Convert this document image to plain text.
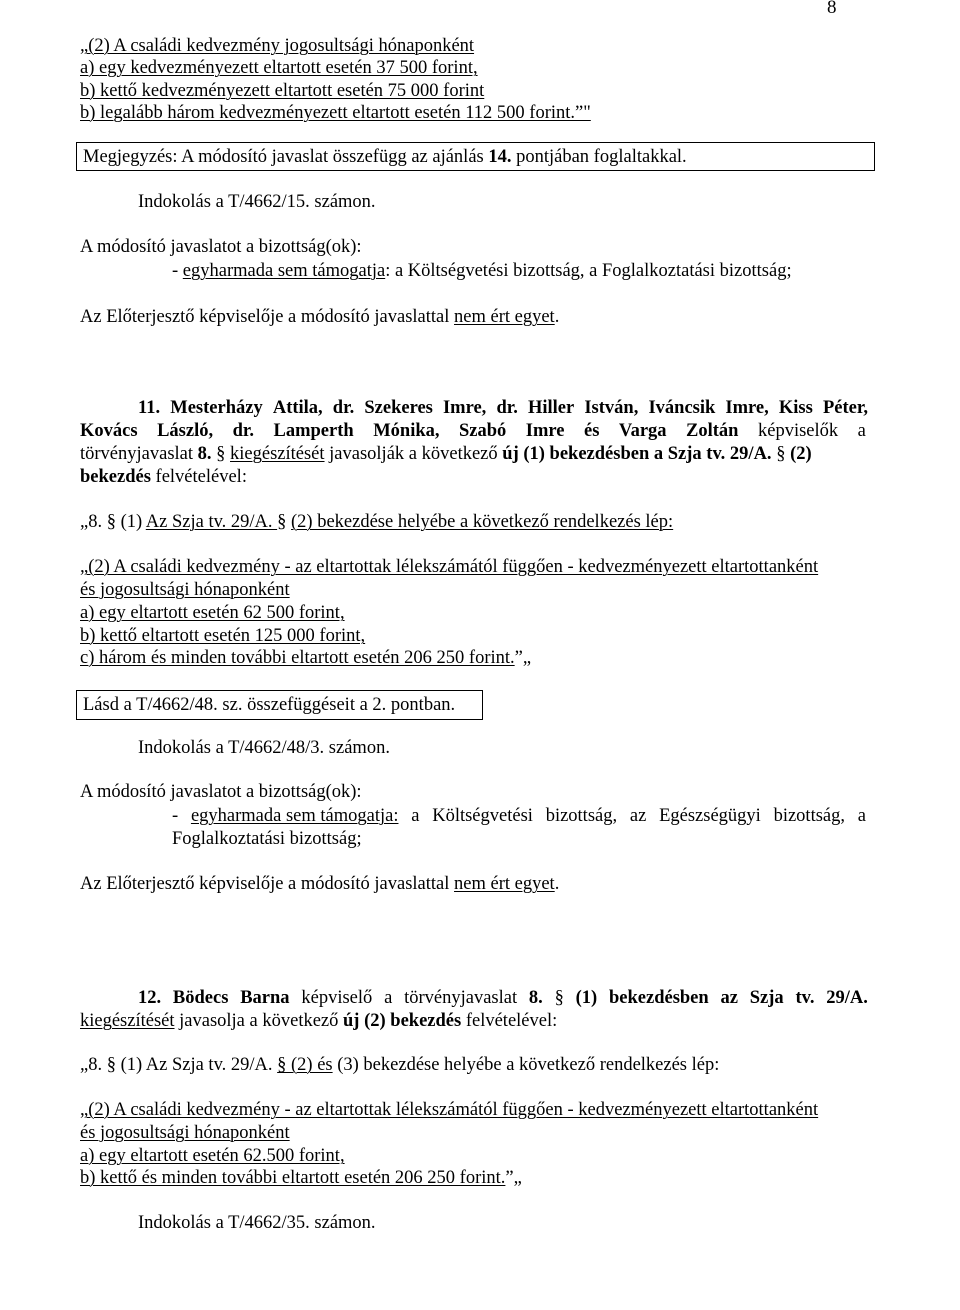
8
„(2) A családi kedvezmény jogosultsági hónaponként
a) egy kedvezményezett eltartott esetén 37 500 forint,
b) kettő kedvezményezett eltartott esetén 75 000 forint
b) legalább három kedvezményezett eltartott esetén 112 500 forint.”"
Megjegyzés: A módosító javaslat összefügg az ajánlás 14. pontjában foglaltakkal.
Indokolás a T/4662/15. számon.
A módosító javaslatot a bizottság(ok):
- egyharmada sem támogatja: a Költségvetési bizottság, a Foglalkoztatási bizottság;
Az Előterjesztő képviselője a módosító javaslattal nem ért egyet.
11. Mesterházy Attila, dr. Szekeres Imre, dr. Hiller István, Iváncsik Imre, Kiss Péter,
Kovács László, dr. Lamperth Mónika, Szabó Imre és Varga Zoltán képviselők a
törvényjavaslat 8. § kiegészítését javasolják a következő új (1) bekezdésben a Szja tv. 29/A. § (2)
bekezdés felvételével:
„8. § (1) Az Szja tv. 29/A. § (2) bekezdése helyébe a következő rendelkezés lép:
„(2) A családi kedvezmény - az eltartottak lélekszámától függően - kedvezményezett eltartottanként
és jogosultsági hónaponként
a) egy eltartott esetén 62 500 forint,
b) kettő eltartott esetén 125 000 forint,
c) három és minden további eltartott esetén 206 250 forint.”„
Lásd a T/4662/48. sz. összefüggéseit a 2. pontban.
Indokolás a T/4662/48/3. számon.
A módosító javaslatot a bizottság(ok):
- egyharmada sem támogatja: a Költségvetési bizottság, az Egészségügyi bizottság, a
Foglalkoztatási bizottság;
Az Előterjesztő képviselője a módosító javaslattal nem ért egyet.
12. Bödecs Barna képviselő a törvényjavaslat 8. § (1) bekezdésben az Szja tv. 29/A.
kiegészítését javasolja a következő új (2) bekezdés felvételével:
„8. § (1) Az Szja tv. 29/A. § (2) és (3) bekezdése helyébe a következő rendelkezés lép:
„(2) A családi kedvezmény - az eltartottak lélekszámától függően - kedvezményezett eltartottanként
és jogosultsági hónaponként
a) egy eltartott esetén 62.500 forint,
b) kettő és minden további eltartott esetén 206 250 forint.”„
Indokolás a T/4662/35. számon.
